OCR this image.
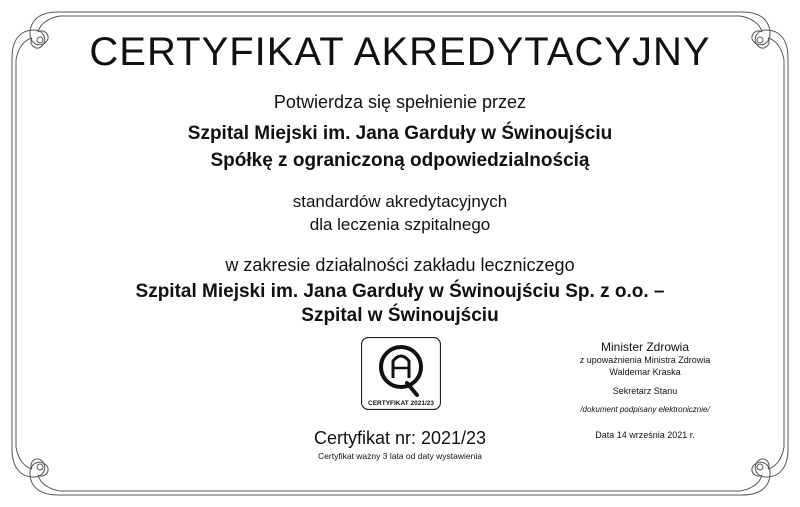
CERTYFIKAT AKREDYTACYJNY
Potwierdza się spełnienie przez
Szpital Miejski im. Jana Garduły w Świnoujściu
Spółkę z ograniczoną odpowiedzialnością
standardów akredytacyjnych
dla leczenia szpitalnego
w zakresie działalności zakładu leczniczego
Szpital Miejski im. Jana Garduły w Świnoujściu Sp. z o.o. –
Szpital w Świnoujściu
CERTYFIKAT 2021/23
Certyfikat nr: 2021/23
Certyfikat ważny 3 lata od daty wystawienia
Minister Zdrowia
z upoważnienia Ministra Zdrowia
Waldemar Kraska
Sekretarz Stanu
/dokument podpisany elektronicznie/
Data 14 września 2021 r.
